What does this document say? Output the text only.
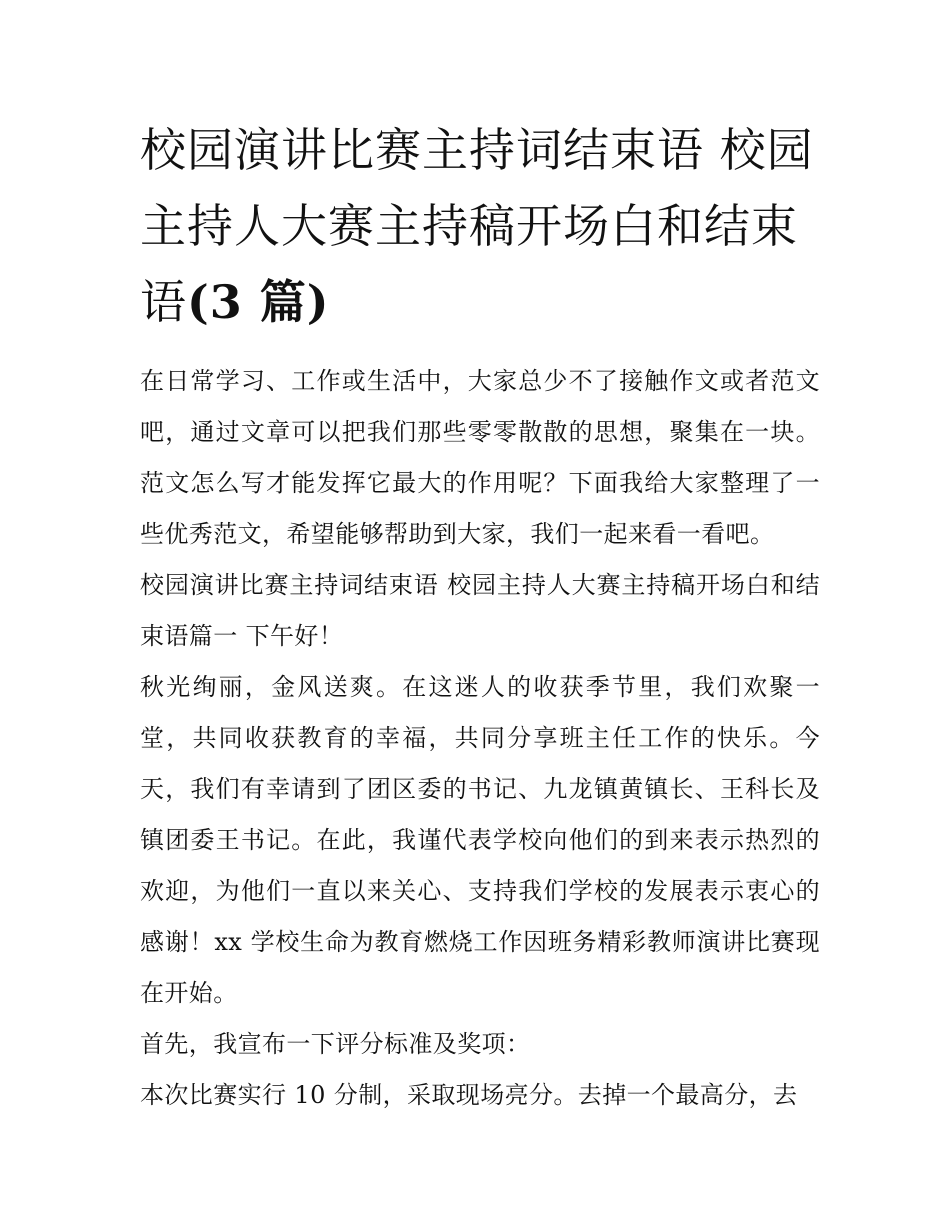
校园演讲比赛主持词结束语 校园主持人大赛主持稿开场白和结束语(3 篇)

在日常学习、工作或生活中，大家总少不了接触作文或者范文吧，通过文章可以把我们那些零零散散的思想，聚集在一块。范文怎么写才能发挥它最大的作用呢？下面我给大家整理了一些优秀范文，希望能够帮助到大家，我们一起来看一看吧。

校园演讲比赛主持词结束语 校园主持人大赛主持稿开场白和结束语篇一 下午好！

秋光绚丽，金风送爽。在这迷人的收获季节里，我们欢聚一堂，共同收获教育的幸福，共同分享班主任工作的快乐。今天，我们有幸请到了团区委的书记、九龙镇黄镇长、王科长及镇团委王书记。在此，我谨代表学校向他们的到来表示热烈的欢迎，为他们一直以来关心、支持我们学校的发展表示衷心的感谢！xx 学校生命为教育燃烧工作因班务精彩教师演讲比赛现在开始。

首先，我宣布一下评分标准及奖项：

本次比赛实行 10 分制，采取现场亮分。去掉一个最高分，去
